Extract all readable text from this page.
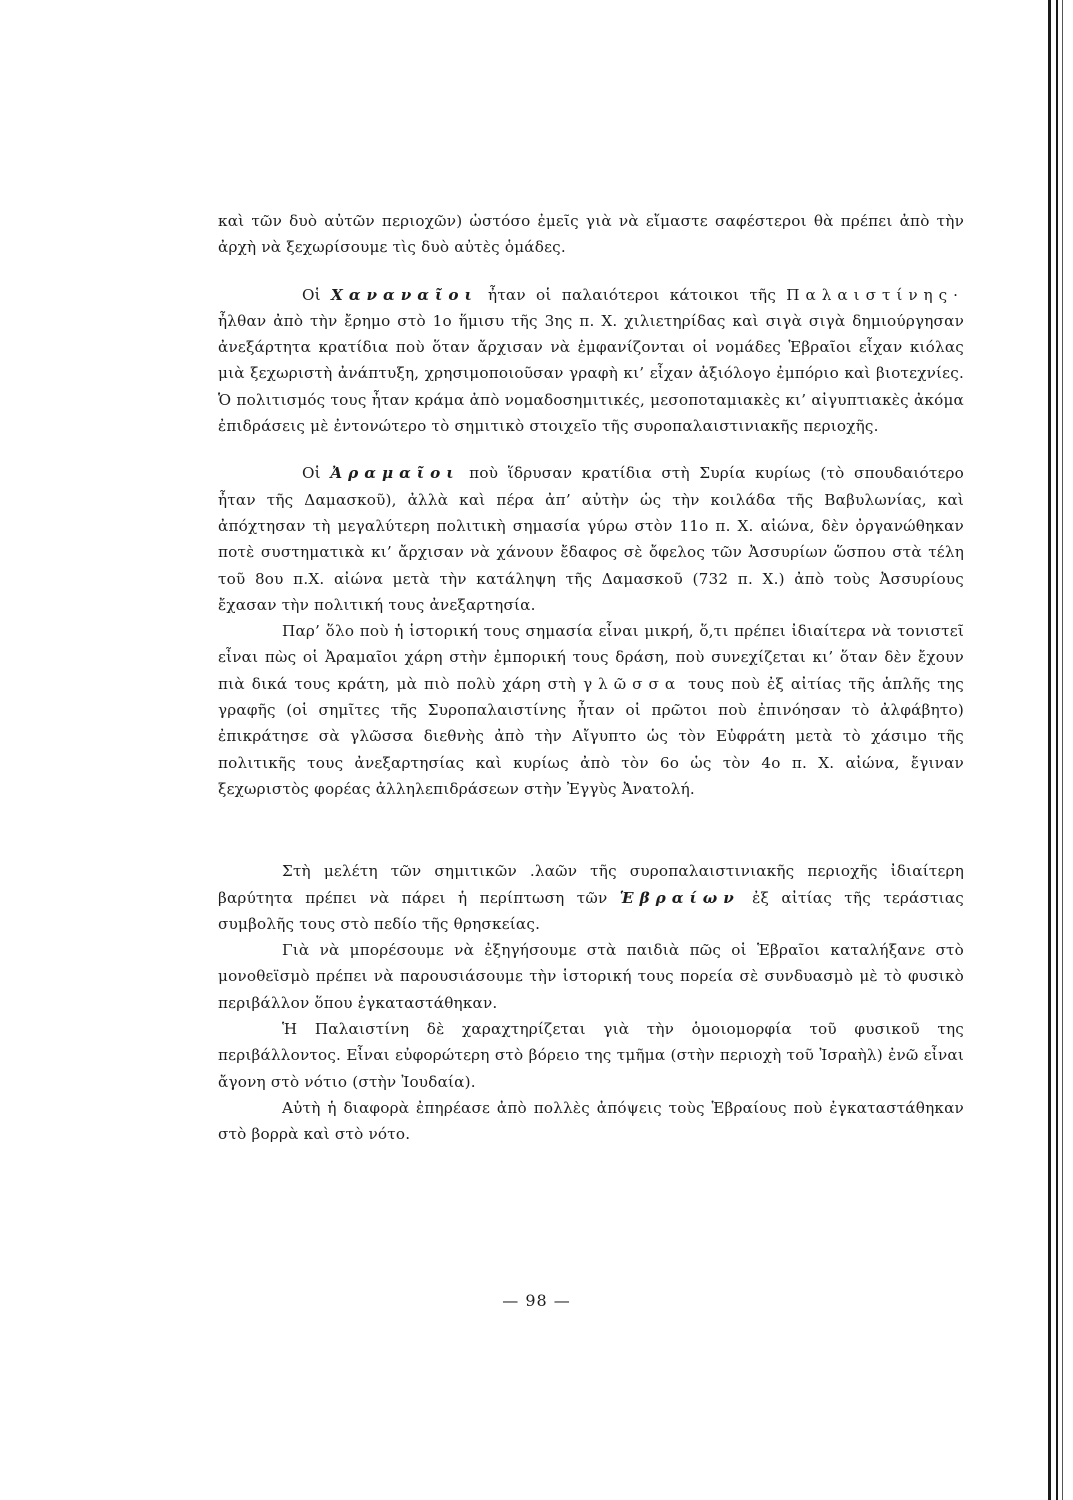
καὶ τῶν δυὸ αὐτῶν περιοχῶν) ὡστόσο ἐμεῖς γιὰ νὰ εἴμαστε σαφέστεροι θὰ πρέπει ἀπὸ τὴν ἀρχὴ νὰ ξεχωρίσουμε τὶς δυὸ αὐτὲς ὁμάδες.

Οἱ Χαναναῖοι ἦταν οἱ παλαιότεροι κάτοικοι τῆς Παλαιστίνης· ἦλθαν ἀπὸ τὴν ἔρημο στὸ 1ο ἥμισυ τῆς 3ης π. Χ. χιλιετηρίδας καὶ σιγὰ σιγὰ δημιούργησαν ἀνεξάρτητα κρατίδια ποὺ ὅταν ἄρχισαν νὰ ἐμφανίζονται οἱ νομάδες Ἑβραῖοι εἶχαν κιόλας μιὰ ξεχωριστὴ ἀνάπτυξη, χρησιμοποιοῦσαν γραφὴ κι’ εἶχαν ἀξιόλογο ἐμπόριο καὶ βιοτεχνίες. Ὁ πολιτισμός τους ἦταν κράμα ἀπὸ νομαδοσημιτικές, μεσοποταμιακὲς κι’ αἰγυπτιακὲς ἀκόμα ἐπιδράσεις μὲ ἐντονώτερο τὸ σημιτικὸ στοιχεῖο τῆς συροπαλαιστινιακῆς περιοχῆς.

Οἱ Ἀραμαῖοι ποὺ ἵδρυσαν κρατίδια στὴ Συρία κυρίως (τὸ σπουδαιότερο ἦταν τῆς Δαμασκοῦ), ἀλλὰ καὶ πέρα ἀπ’ αὐτὴν ὡς τὴν κοιλάδα τῆς Βαβυλωνίας, καὶ ἀπόχτησαν τὴ μεγαλύτερη πολιτικὴ σημασία γύρω στὸν 11ο π. Χ. αἰώνα, δὲν ὀργανώθηκαν ποτὲ συστηματικὰ κι’ ἄρχισαν νὰ χάνουν ἔδαφος σὲ ὄφελος τῶν Ἀσσυρίων ὥσπου στὰ τέλη τοῦ 8ου π.Χ. αἰώνα μετὰ τὴν κατάληψη τῆς Δαμασκοῦ (732 π. Χ.) ἀπὸ τοὺς Ἀσσυρίους ἔχασαν τὴν πολιτική τους ἀνεξαρτησία.

Παρ’ ὅλο ποὺ ἡ ἱστορική τους σημασία εἶναι μικρή, ὅ,τι πρέπει ἰδιαίτερα νὰ τονιστεῖ εἶναι πὼς οἱ Ἀραμαῖοι χάρη στὴν ἐμπορική τους δράση, ποὺ συνεχίζεται κι’ ὅταν δὲν ἔχουν πιὰ δικά τους κράτη, μὰ πιὸ πολὺ χάρη στὴ γλῶσσα τους ποὺ ἐξ αἰτίας τῆς ἁπλῆς της γραφῆς (οἱ σημῖτες τῆς Συροπαλαιστίνης ἦταν οἱ πρῶτοι ποὺ ἐπινόησαν τὸ ἀλφάβητο) ἐπικράτησε σὰ γλῶσσα διεθνὴς ἀπὸ τὴν Αἴγυπτο ὡς τὸν Εὐφράτη μετὰ τὸ χάσιμο τῆς πολιτικῆς τους ἀνεξαρτησίας καὶ κυρίως ἀπὸ τὸν 6ο ὡς τὸν 4ο π. Χ. αἰώνα, ἔγιναν ξεχωριστὸς φορέας ἀλληλεπιδράσεων στὴν Ἐγγὺς Ἀνατολή.

Στὴ μελέτη τῶν σημιτικῶν .λαῶν τῆς συροπαλαιστινιακῆς περιοχῆς ἰδιαίτερη βαρύτητα πρέπει νὰ πάρει ἡ περίπτωση τῶν Ἑβραίων ἐξ αἰτίας τῆς τεράστιας συμβολῆς τους στὸ πεδίο τῆς θρησκείας.

Γιὰ νὰ μπορέσουμε νὰ ἐξηγήσουμε στὰ παιδιὰ πῶς οἱ Ἑβραῖοι καταλήξανε στὸ μονοθεϊσμὸ πρέπει νὰ παρουσιάσουμε τὴν ἱστορική τους πορεία σὲ συνδυασμὸ μὲ τὸ φυσικὸ περιβάλλον ὅπου ἐγκαταστάθηκαν.

Ἡ Παλαιστίνη δὲ χαραχτηρίζεται γιὰ τὴν ὁμοιομορφία τοῦ φυσικοῦ της περιβάλλοντος. Εἶναι εὐφορώτερη στὸ βόρειο της τμῆμα (στὴν περιοχὴ τοῦ Ἰσραὴλ) ἐνῶ εἶναι ἄγονη στὸ νότιο (στὴν Ἰουδαία).

Αὐτὴ ἡ διαφορὰ ἐπηρέασε ἀπὸ πολλὲς ἀπόψεις τοὺς Ἑβραίους ποὺ ἐγκαταστάθηκαν στὸ βορρὰ καὶ στὸ νότο.

— 98 —
